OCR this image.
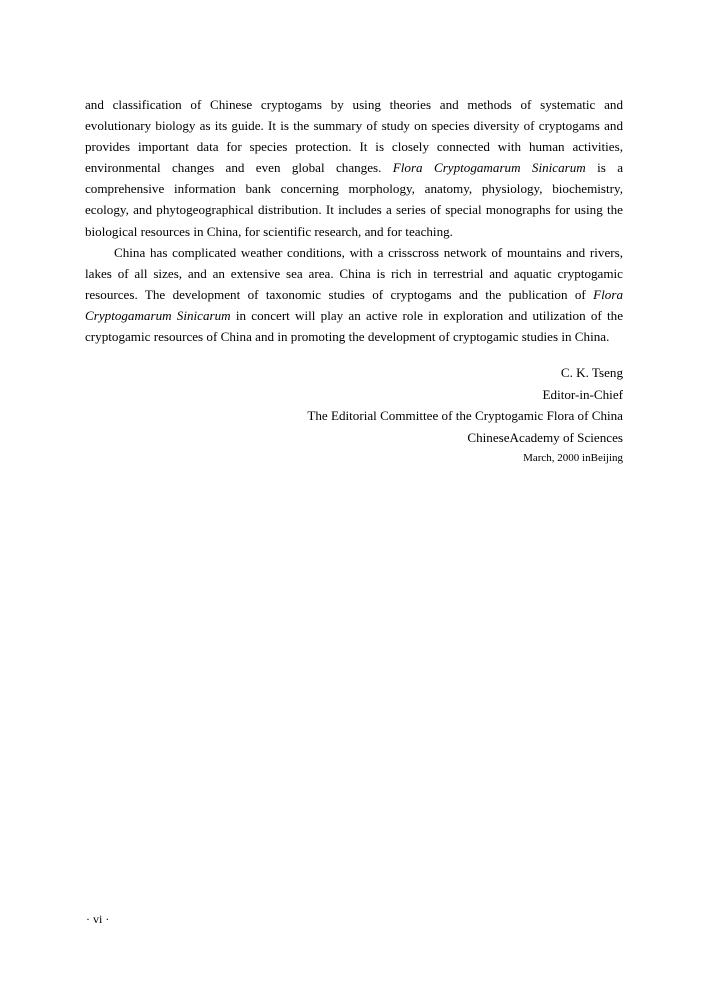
and classification of Chinese cryptogams by using theories and methods of systematic and evolutionary biology as its guide. It is the summary of study on species diversity of cryptogams and provides important data for species protection. It is closely connected with human activities, environmental changes and even global changes. Flora Cryptogamarum Sinicarum is a comprehensive information bank concerning morphology, anatomy, physiology, biochemistry, ecology, and phytogeographical distribution. It includes a series of special monographs for using the biological resources in China, for scientific research, and for teaching.

China has complicated weather conditions, with a crisscross network of mountains and rivers, lakes of all sizes, and an extensive sea area. China is rich in terrestrial and aquatic cryptogamic resources. The development of taxonomic studies of cryptogams and the publication of Flora Cryptogamarum Sinicarum in concert will play an active role in exploration and utilization of the cryptogamic resources of China and in promoting the development of cryptogamic studies in China.

C. K. Tseng
Editor-in-Chief
The Editorial Committee of the Cryptogamic Flora of China
ChineseAcademy of Sciences
March, 2000 inBeijing
· vi ·
